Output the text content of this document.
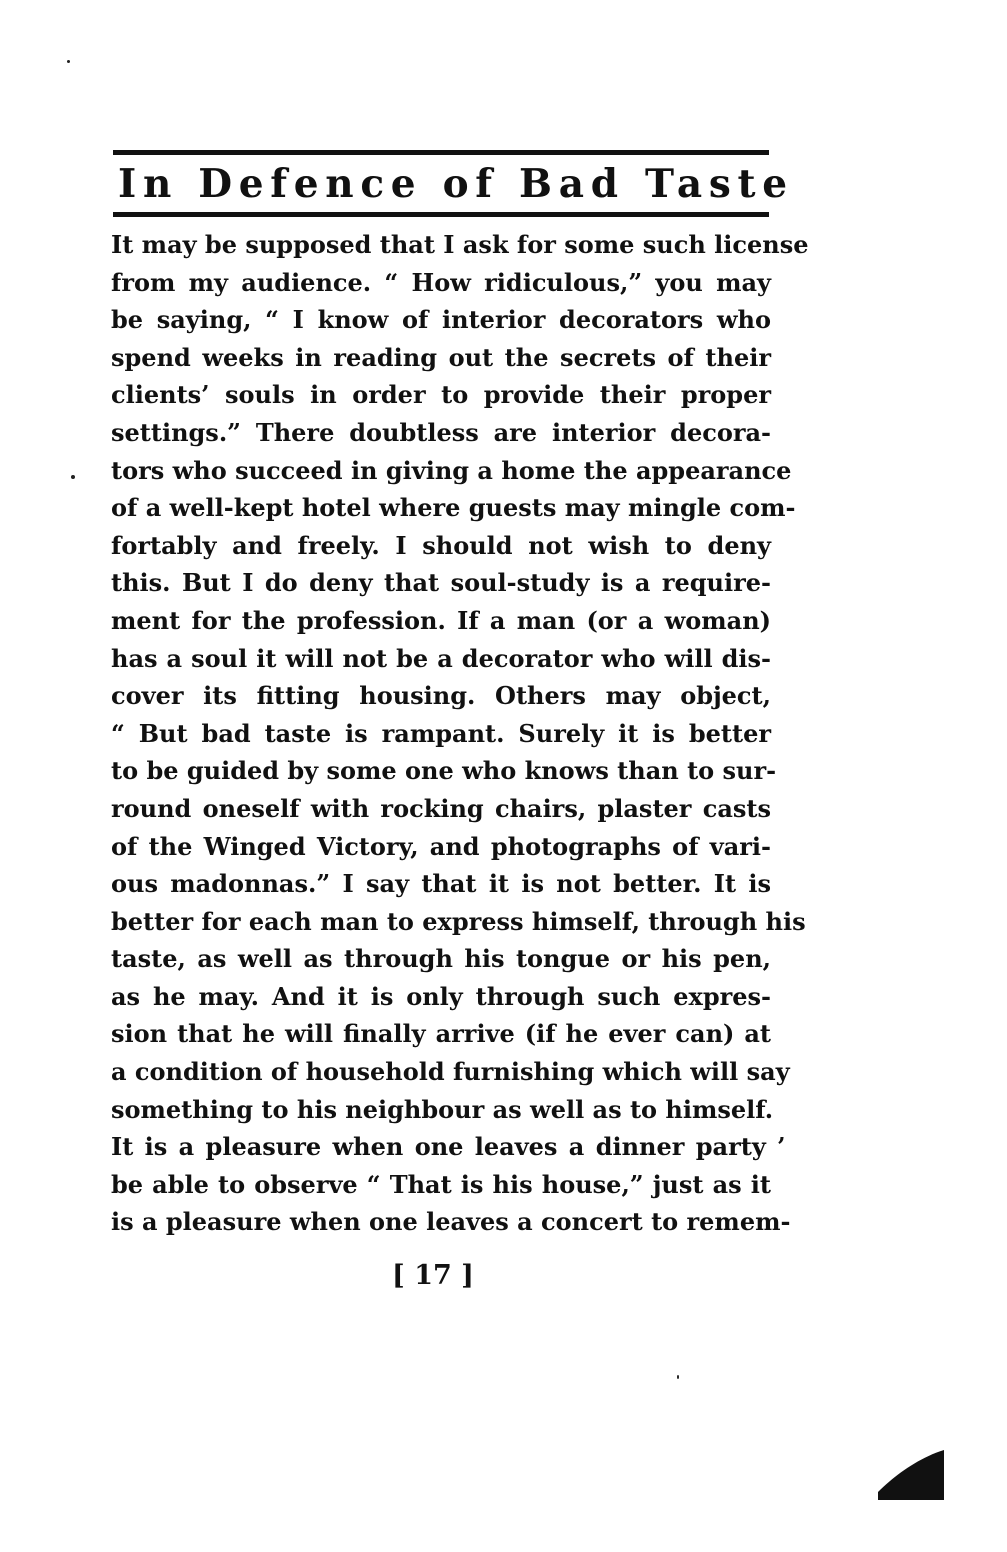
In Defence of Bad Taste
It may be supposed that I ask for some such license
from my audience. “ How ridiculous,” you may
be saying, “ I know of interior decorators who
spend weeks in reading out the secrets of their
clients’ souls in order to provide their proper
settings.” There doubtless are interior decora-
tors who succeed in giving a home the appearance
of a well-kept hotel where guests may mingle com-
fortably and freely. I should not wish to deny
this. But I do deny that soul-study is a require-
ment for the profession. If a man (or a woman)
has a soul it will not be a decorator who will dis-
cover its fitting housing. Others may object,
“ But bad taste is rampant. Surely it is better
to be guided by some one who knows than to sur-
round oneself with rocking chairs, plaster casts
of the Winged Victory, and photographs of vari-
ous madonnas.” I say that it is not better. It is
better for each man to express himself, through his
taste, as well as through his tongue or his pen,
as he may. And it is only through such expres-
sion that he will finally arrive (if he ever can) at
a condition of household furnishing which will say
something to his neighbour as well as to himself.
It is a pleasure when one leaves a dinner party ’
be able to observe “ That is his house,” just as it
is a pleasure when one leaves a concert to remem-
[ 17 ]
